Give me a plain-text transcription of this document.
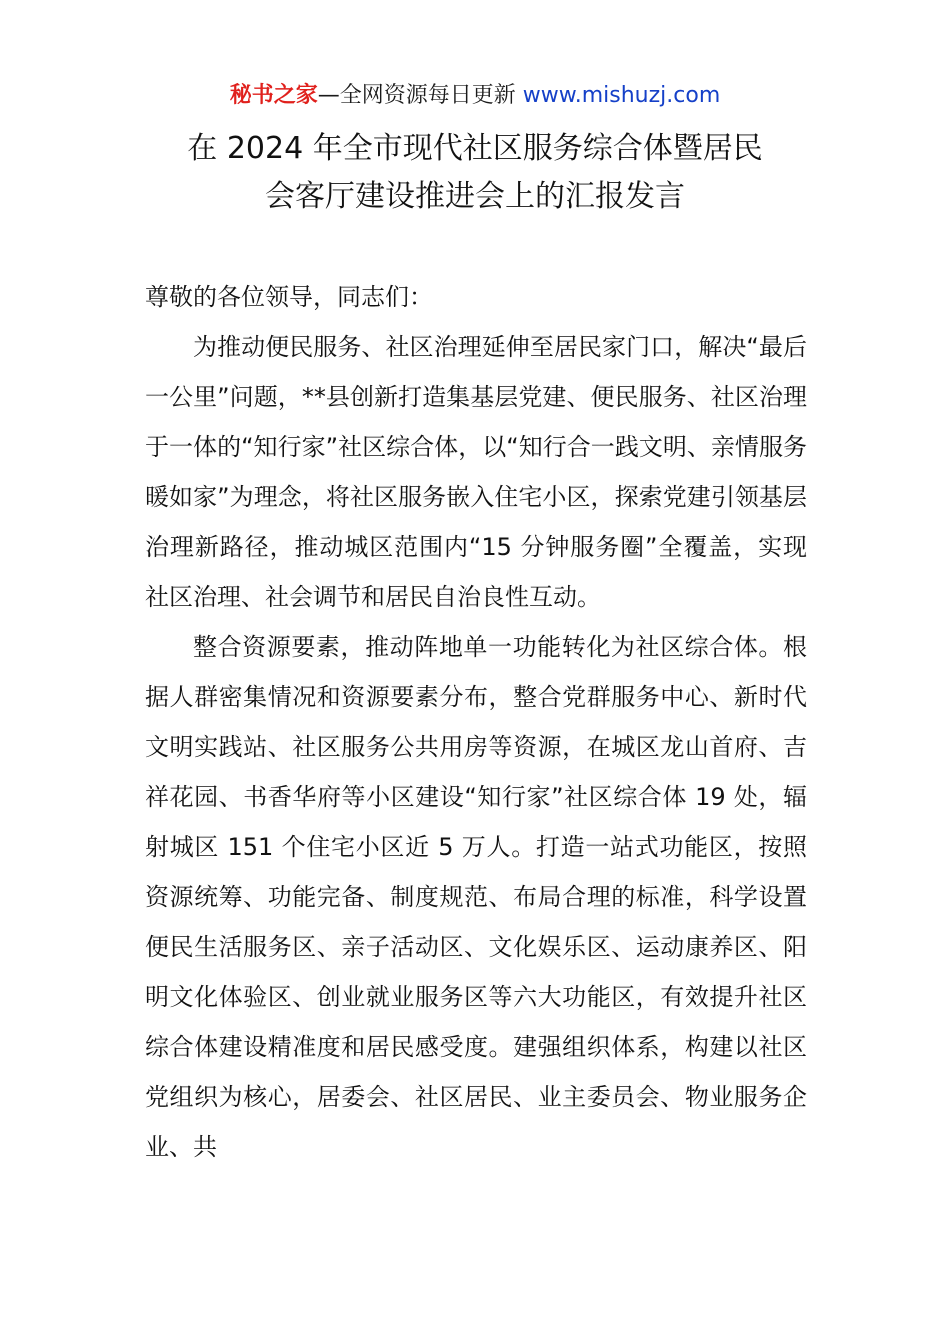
秘书之家—全网资源每日更新 www.mishuzj.com
在 2024 年全市现代社区服务综合体暨居民
会客厅建设推进会上的汇报发言

尊敬的各位领导，同志们：

为推动便民服务、社区治理延伸至居民家门口，解决“最后一公里”问题，**县创新打造集基层党建、便民服务、社区治理于一体的“知行家”社区综合体，以“知行合一践文明、亲情服务暖如家”为理念，将社区服务嵌入住宅小区，探索党建引领基层治理新路径，推动城区范围内“15 分钟服务圈”全覆盖，实现社区治理、社会调节和居民自治良性互动。

整合资源要素，推动阵地单一功能转化为社区综合体。根据人群密集情况和资源要素分布，整合党群服务中心、新时代文明实践站、社区服务公共用房等资源，在城区龙山首府、吉祥花园、书香华府等小区建设“知行家”社区综合体 19 处，辐射城区 151 个住宅小区近 5 万人。打造一站式功能区，按照资源统筹、功能完备、制度规范、布局合理的标准，科学设置便民生活服务区、亲子活动区、文化娱乐区、运动康养区、阳明文化体验区、创业就业服务区等六大功能区，有效提升社区综合体建设精准度和居民感受度。建强组织体系，构建以社区党组织为核心，居委会、社区居民、业主委员会、物业服务企业、共
